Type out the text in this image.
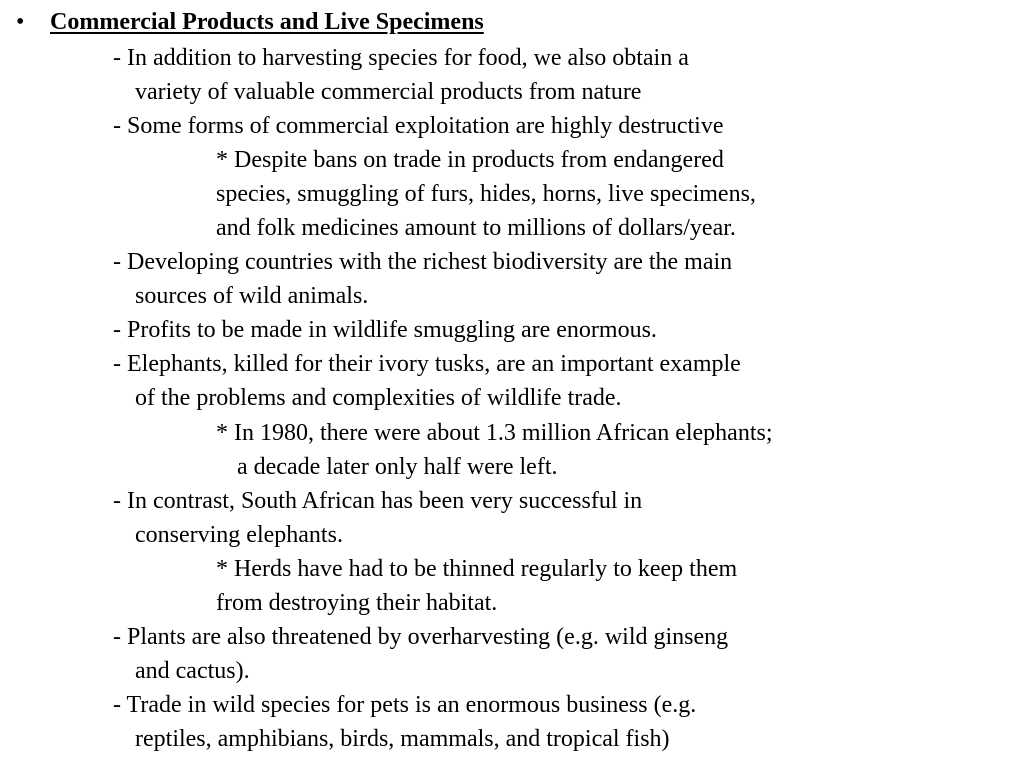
• Commercial Products and Live Specimens
- In addition to harvesting species for food, we also obtain a
variety of valuable commercial products from nature
- Some forms of commercial exploitation are highly destructive
* Despite bans on trade in products from endangered
species, smuggling of furs, hides, horns, live specimens,
and folk medicines amount to millions of dollars/year.
- Developing countries with the richest biodiversity are the main
sources of wild animals.
- Profits to be made in wildlife smuggling are enormous.
- Elephants, killed for their ivory tusks, are an important example
of the problems and complexities of wildlife trade.
* In 1980, there were about 1.3 million African elephants;
a decade later only half were left.
- In contrast, South African has been very successful in
conserving elephants.
* Herds have had to be thinned regularly to keep them
from destroying their habitat.
- Plants are also threatened by overharvesting (e.g. wild ginseng
and cactus).
- Trade in wild species for pets is an enormous business (e.g.
reptiles, amphibians, birds, mammals, and tropical fish)
